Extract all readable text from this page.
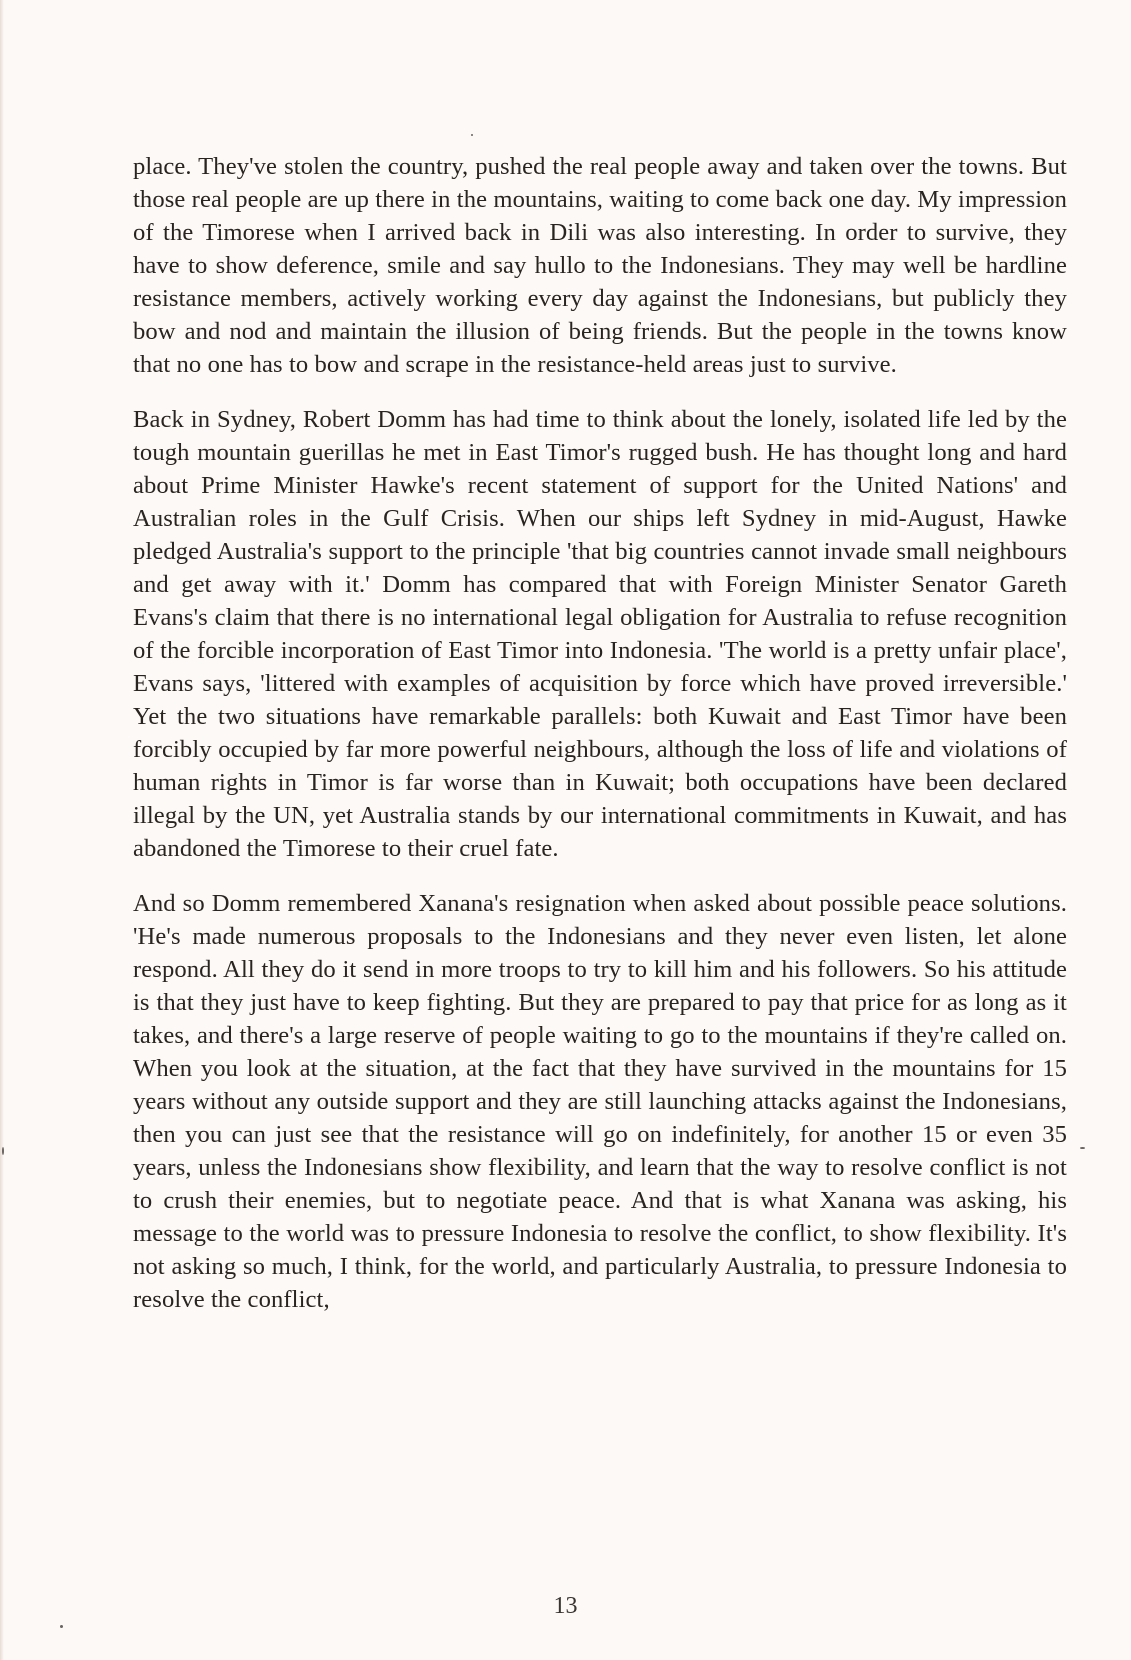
place. They've stolen the country, pushed the real people away and taken over the towns. But those real people are up there in the mountains, waiting to come back one day. My impression of the Timorese when I arrived back in Dili was also interesting. In order to survive, they have to show deference, smile and say hullo to the Indonesians. They may well be hardline resistance members, actively working every day against the Indonesians, but publicly they bow and nod and maintain the illusion of being friends. But the people in the towns know that no one has to bow and scrape in the resistance-held areas just to survive.

Back in Sydney, Robert Domm has had time to think about the lonely, isolated life led by the tough mountain guerillas he met in East Timor's rugged bush. He has thought long and hard about Prime Minister Hawke's recent statement of support for the United Nations' and Australian roles in the Gulf Crisis. When our ships left Sydney in mid-August, Hawke pledged Australia's support to the principle 'that big countries cannot invade small neighbours and get away with it.' Domm has compared that with Foreign Minister Senator Gareth Evans's claim that there is no international legal obligation for Australia to refuse recognition of the forcible incorporation of East Timor into Indonesia. 'The world is a pretty unfair place', Evans says, 'littered with examples of acquisition by force which have proved irreversible.' Yet the two situations have remarkable parallels: both Kuwait and East Timor have been forcibly occupied by far more powerful neighbours, although the loss of life and violations of human rights in Timor is far worse than in Kuwait; both occupations have been declared illegal by the UN, yet Australia stands by our international commitments in Kuwait, and has abandoned the Timorese to their cruel fate.

And so Domm remembered Xanana's resignation when asked about possible peace solutions. 'He's made numerous proposals to the Indonesians and they never even listen, let alone respond. All they do it send in more troops to try to kill him and his followers. So his attitude is that they just have to keep fighting. But they are prepared to pay that price for as long as it takes, and there's a large reserve of people waiting to go to the mountains if they're called on. When you look at the situation, at the fact that they have survived in the mountains for 15 years without any outside support and they are still launching attacks against the Indonesians, then you can just see that the resistance will go on indefinitely, for another 15 or even 35 years, unless the Indonesians show flexibility, and learn that the way to resolve conflict is not to crush their enemies, but to negotiate peace. And that is what Xanana was asking, his message to the world was to pressure Indonesia to resolve the conflict, to show flexibility. It's not asking so much, I think, for the world, and particularly Australia, to pressure Indonesia to resolve the conflict,

13
